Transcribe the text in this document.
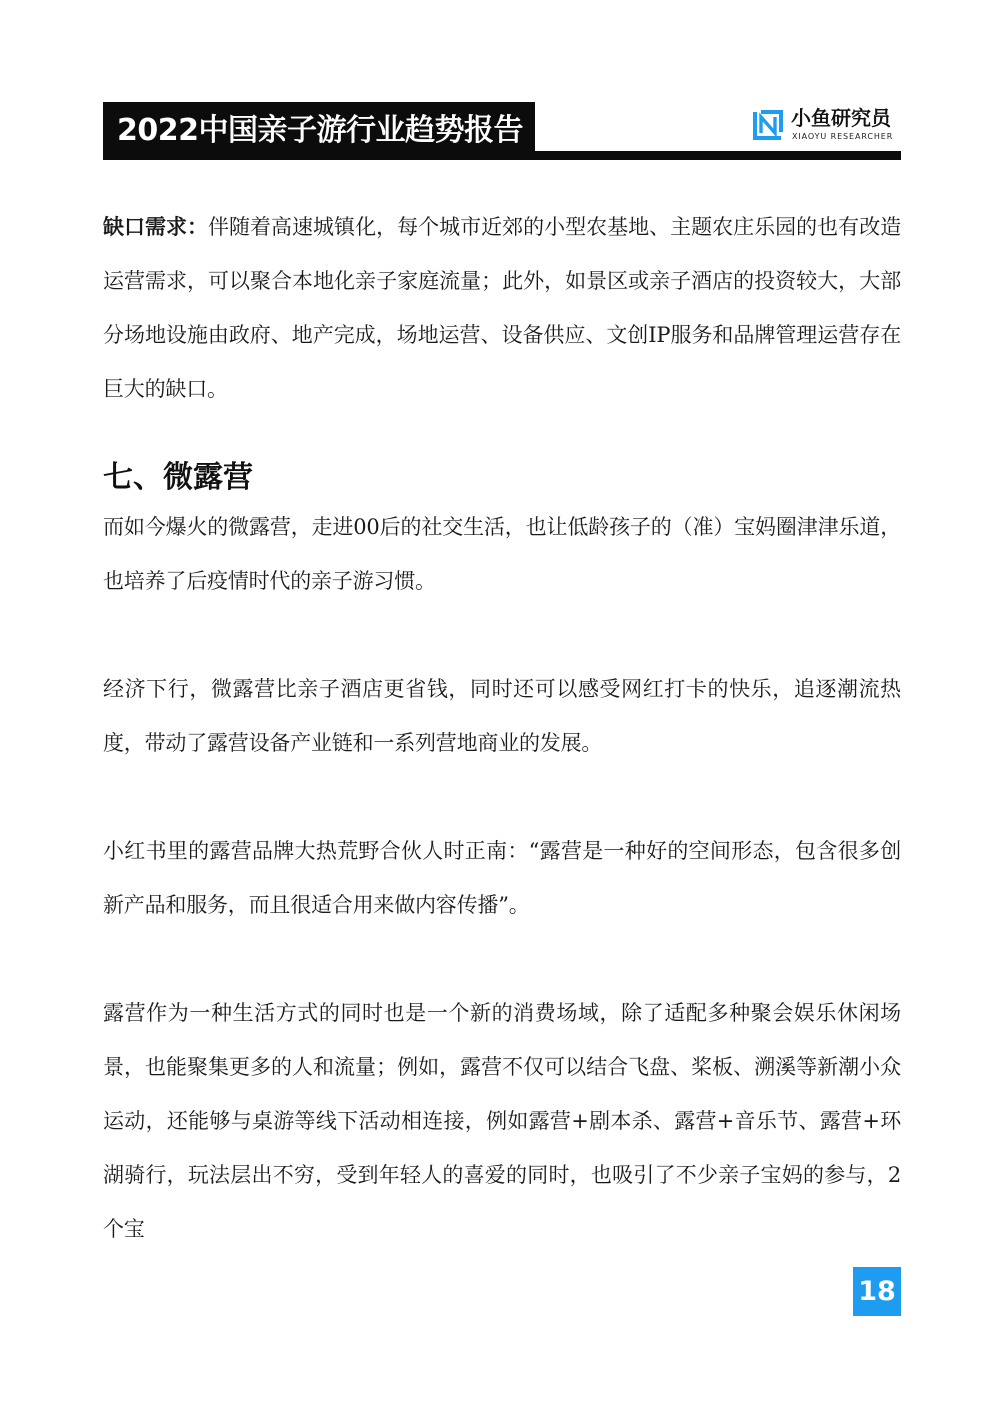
2022中国亲子游行业趋势报告	小鱼研究员
XIAOYU RESEARCHER

缺口需求：伴随着高速城镇化，每个城市近郊的小型农基地、主题农庄乐园的也有改造运营需求，可以聚合本地化亲子家庭流量；此外，如景区或亲子酒店的投资较大，大部分场地设施由政府、地产完成，场地运营、设备供应、文创IP服务和品牌管理运营存在巨大的缺口。

七、微露营

而如今爆火的微露营，走进00后的社交生活，也让低龄孩子的（准）宝妈圈津津乐道，也培养了后疫情时代的亲子游习惯。

经济下行，微露营比亲子酒店更省钱，同时还可以感受网红打卡的快乐，追逐潮流热度，带动了露营设备产业链和一系列营地商业的发展。

小红书里的露营品牌大热荒野合伙人时正南：“露营是一种好的空间形态，包含很多创新产品和服务，而且很适合用来做内容传播”。

露营作为一种生活方式的同时也是一个新的消费场域，除了适配多种聚会娱乐休闲场景，也能聚集更多的人和流量；例如，露营不仅可以结合飞盘、桨板、溯溪等新潮小众运动，还能够与桌游等线下活动相连接，例如露营+剧本杀、露营+音乐节、露营+环湖骑行，玩法层出不穷，受到年轻人的喜爱的同时，也吸引了不少亲子宝妈的参与，2个宝

18
